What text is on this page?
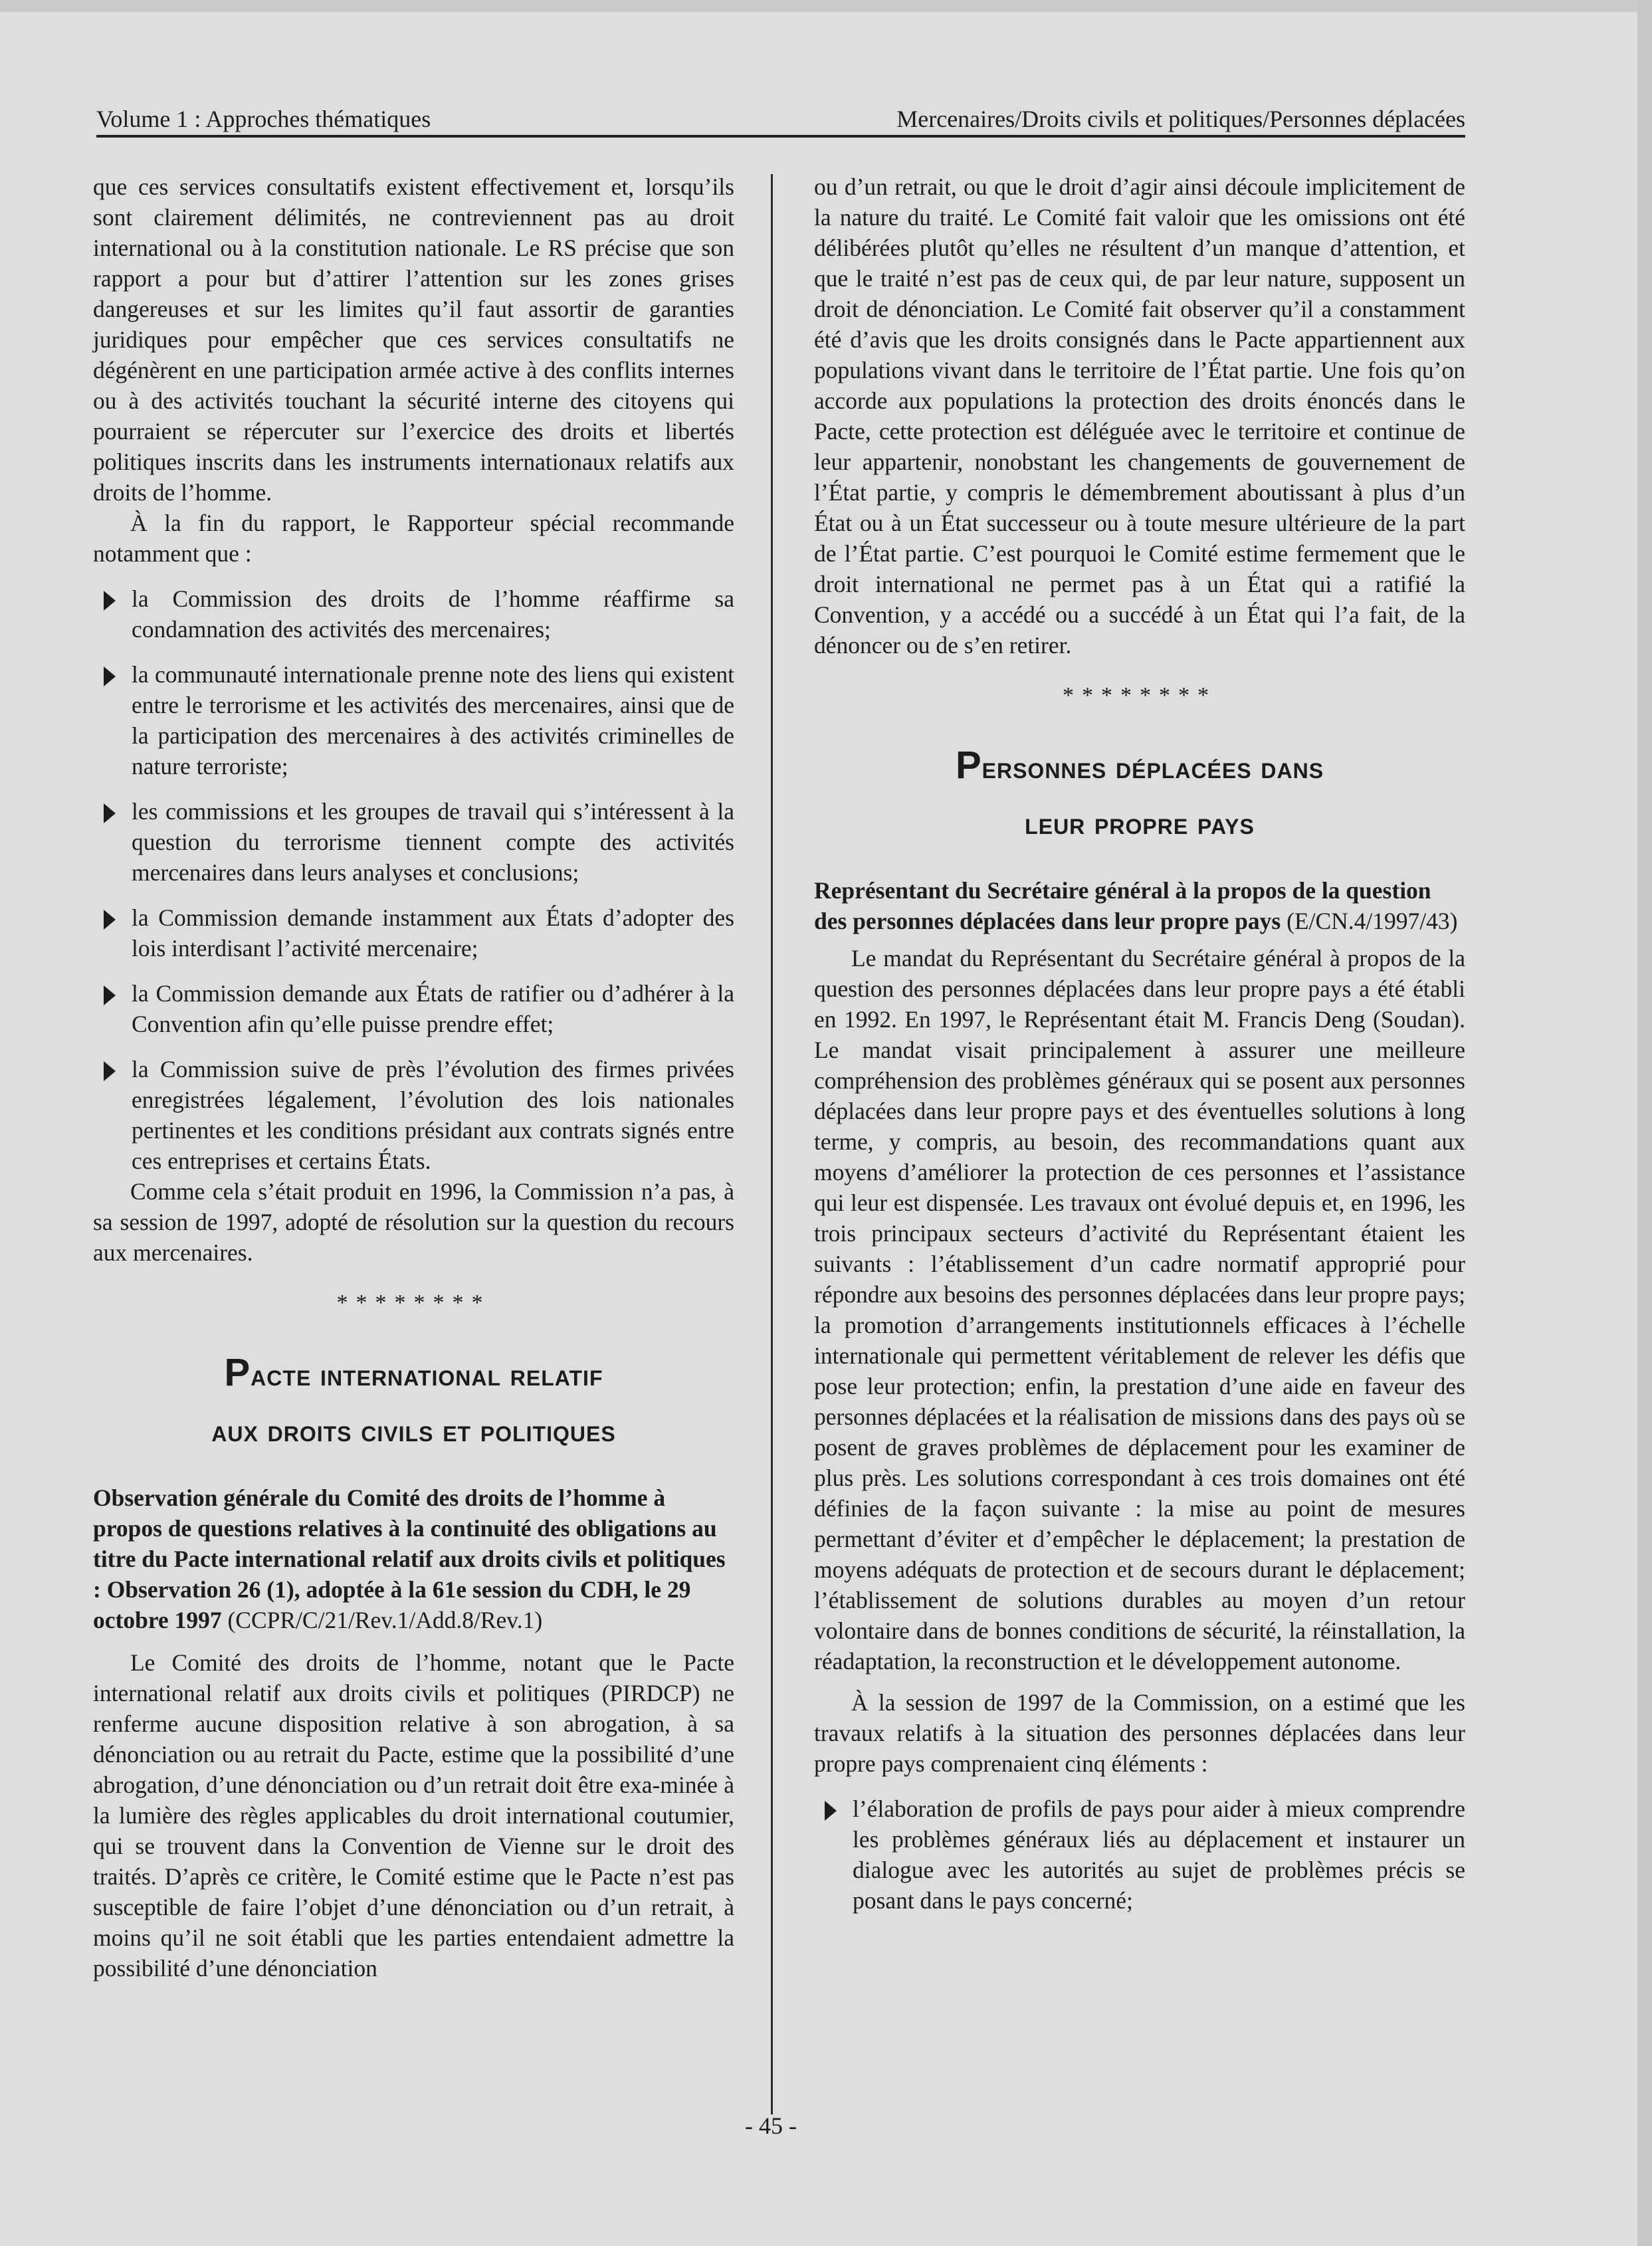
Volume 1 : Approches thématiques	Mercenaires/Droits civils et politiques/Personnes déplacées

que ces services consultatifs existent effectivement et, lorsqu’ils sont clairement délimités, ne contreviennent pas au droit international ou à la constitution nationale. Le RS précise que son rapport a pour but d’attirer l’attention sur les zones grises dangereuses et sur les limites qu’il faut assortir de garanties juridiques pour empêcher que ces services consultatifs ne dégénèrent en une participation armée active à des conflits internes ou à des activités touchant la sécurité interne des citoyens qui pourraient se répercuter sur l’exercice des droits et libertés politiques inscrits dans les instruments internationaux relatifs aux droits de l’homme.

À la fin du rapport, le Rapporteur spécial recommande notamment que :

la Commission des droits de l’homme réaffirme sa condamnation des activités des mercenaires;
la communauté internationale prenne note des liens qui existent entre le terrorisme et les activités des mercenaires, ainsi que de la participation des mercenaires à des activités criminelles de nature terroriste;
les commissions et les groupes de travail qui s’intéressent à la question du terrorisme tiennent compte des activités mercenaires dans leurs analyses et conclusions;
la Commission demande instamment aux États d’adopter des lois interdisant l’activité mercenaire;
la Commission demande aux États de ratifier ou d’adhérer à la Convention afin qu’elle puisse prendre effet;
la Commission suive de près l’évolution des firmes privées enregistrées légalement, l’évolution des lois nationales pertinentes et les conditions présidant aux contrats signés entre ces entreprises et certains États.

Comme cela s’était produit en 1996, la Commission n’a pas, à sa session de 1997, adopté de résolution sur la question du recours aux mercenaires.

********
Pacte international relatif
aux droits civils et politiques

Observation générale du Comité des droits de l’homme à propos de questions relatives à la continuité des obligations au titre du Pacte international relatif aux droits civils et politiques : Observation 26 (1), adoptée à la 61e session du CDH, le 29 octobre 1997 (CCPR/C/21/Rev.1/Add.8/Rev.1)

Le Comité des droits de l’homme, notant que le Pacte international relatif aux droits civils et politiques (PIRDCP) ne renferme aucune disposition relative à son abrogation, à sa dénonciation ou au retrait du Pacte, estime que la possibilité d’une abrogation, d’une dénonciation ou d’un retrait doit être exa-minée à la lumière des règles applicables du droit international coutumier, qui se trouvent dans la Convention de Vienne sur le droit des traités. D’après ce critère, le Comité estime que le Pacte n’est pas susceptible de faire l’objet d’une dénonciation ou d’un retrait, à moins qu’il ne soit établi que les parties entendaient admettre la possibilité d’une dénonciation

ou d’un retrait, ou que le droit d’agir ainsi découle implicitement de la nature du traité. Le Comité fait valoir que les omissions ont été délibérées plutôt qu’elles ne résultent d’un manque d’attention, et que le traité n’est pas de ceux qui, de par leur nature, supposent un droit de dénonciation. Le Comité fait observer qu’il a constamment été d’avis que les droits consignés dans le Pacte appartiennent aux populations vivant dans le territoire de l’État partie. Une fois qu’on accorde aux populations la protection des droits énoncés dans le Pacte, cette protection est déléguée avec le territoire et continue de leur appartenir, nonobstant les changements de gouvernement de l’État partie, y compris le démembrement aboutissant à plus d’un État ou à un État successeur ou à toute mesure ultérieure de la part de l’État partie. C’est pourquoi le Comité estime fermement que le droit international ne permet pas à un État qui a ratifié la Convention, y a accédé ou a succédé à un État qui l’a fait, de la dénoncer ou de s’en retirer.

********
Personnes déplacées dans
leur propre pays

Représentant du Secrétaire général à la propos de la question des personnes déplacées dans leur propre pays (E/CN.4/1997/43)

Le mandat du Représentant du Secrétaire général à propos de la question des personnes déplacées dans leur propre pays a été établi en 1992. En 1997, le Représentant était M. Francis Deng (Soudan). Le mandat visait principalement à assurer une meilleure compréhension des problèmes généraux qui se posent aux personnes déplacées dans leur propre pays et des éventuelles solutions à long terme, y compris, au besoin, des recommandations quant aux moyens d’améliorer la protection de ces personnes et l’assistance qui leur est dispensée. Les travaux ont évolué depuis et, en 1996, les trois principaux secteurs d’activité du Représentant étaient les suivants : l’établissement d’un cadre normatif approprié pour répondre aux besoins des personnes déplacées dans leur propre pays; la promotion d’arrangements institutionnels efficaces à l’échelle internationale qui permettent véritablement de relever les défis que pose leur protection; enfin, la prestation d’une aide en faveur des personnes déplacées et la réalisation de missions dans des pays où se posent de graves problèmes de déplacement pour les examiner de plus près. Les solutions correspondant à ces trois domaines ont été définies de la façon suivante : la mise au point de mesures permettant d’éviter et d’empêcher le déplacement; la prestation de moyens adéquats de protection et de secours durant le déplacement; l’établissement de solutions durables au moyen d’un retour volontaire dans de bonnes conditions de sécurité, la réinstallation, la réadaptation, la reconstruction et le développement autonome.

À la session de 1997 de la Commission, on a estimé que les travaux relatifs à la situation des personnes déplacées dans leur propre pays comprenaient cinq éléments :

l’élaboration de profils de pays pour aider à mieux comprendre les problèmes généraux liés au déplacement et instaurer un dialogue avec les autorités au sujet de problèmes précis se posant dans le pays concerné;
- 45 -
